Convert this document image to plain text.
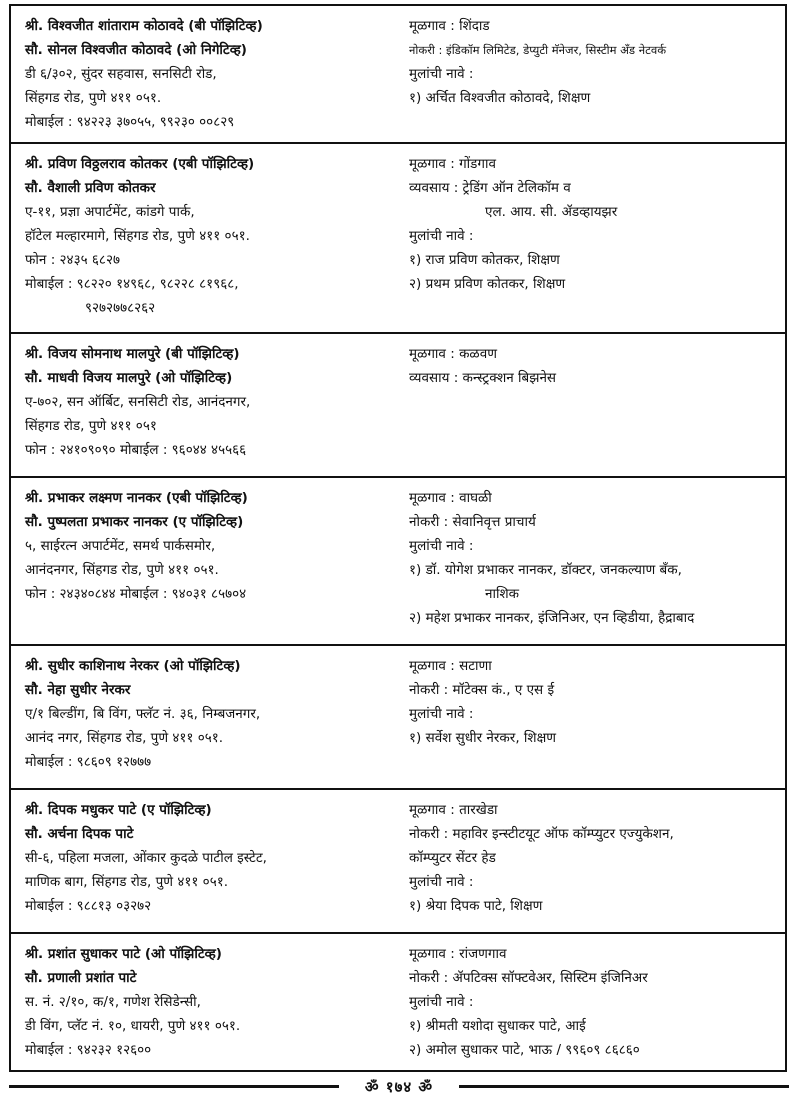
श्री. विश्वजीत शांताराम कोठावदे (बी पॉझिटिव्ह)
सौ. सोनल विश्वजीत कोठावदे (ओ निगेटिव्ह)
डी ६/३०२, सुंदर सहवास, सनसिटी रोड,
सिंहगड रोड, पुणे ४११ ०५१.
मोबाईल : ९४२२३ ३७०५५, ९९२३० ००८२९
मूळगाव : शिंदाड
नोकरी : इंडिकॉम लिमिटेड, डेप्युटी मॅनेजर, सिस्टीम ॲंड नेटवर्क
मुलांची नावे :
१) अर्चित विश्वजीत कोठावदे, शिक्षण
श्री. प्रविण विठ्ठलराव कोतकर (एबी पॉझिटिव्ह)
सौ. वैशाली प्रविण कोतकर
ए-११, प्रज्ञा अपार्टमेंट, कांडगे पार्क,
हॉटेल मल्हारमागे, सिंहगड रोड, पुणे ४११ ०५१.
फोन : २४३५ ६८२७
मोबाईल : ९८२२० १४९६८, ९८२२८ ८१९६८,
९२७२७७८२६२
मूळगाव : गोंडगाव
व्यवसाय : ट्रेडिंग ऑन टेलिकॉम व
एल. आय. सी. ॲडव्हायझर
मुलांची नावे :
१) राज प्रविण कोतकर, शिक्षण
२) प्रथम प्रविण कोतकर, शिक्षण
श्री. विजय सोमनाथ मालपुरे (बी पॉझिटिव्ह)
सौ. माधवी विजय मालपुरे (ओ पॉझिटिव्ह)
ए-७०२, सन ऑर्बिट, सनसिटी रोड, आनंदनगर,
सिंहगड रोड, पुणे ४११ ०५१
फोन : २४१०९०९० मोबाईल : ९६०४४ ४५५६६
मूळगाव : कळवण
व्यवसाय : कन्स्ट्रक्शन बिझनेस
श्री. प्रभाकर लक्ष्मण नानकर (एबी पॉझिटिव्ह)
सौ. पुष्पलता प्रभाकर नानकर (ए पॉझिटिव्ह)
५, साईरत्न अपार्टमेंट, समर्थ पार्कसमोर,
आनंदनगर, सिंहगड रोड, पुणे ४११ ०५१.
फोन : २४३४०८४४ मोबाईल : ९४०३१ ८५७०४
मूळगाव : वाघळी
नोकरी : सेवानिवृत्त प्राचार्य
मुलांची नावे :
१) डॉ. योगेश प्रभाकर नानकर, डॉक्टर, जनकल्याण बँक,
नाशिक
२) महेश प्रभाकर नानकर, इंजिनिअर, एन व्हिडीया, हैद्राबाद
श्री. सुधीर काशिनाथ नेरकर (ओ पॉझिटिव्ह)
सौ. नेहा सुधीर नेरकर
ए/१ बिल्डींग, बि विंग, फ्लॅट नं. ३६, निम्बजनगर,
आनंद नगर, सिंहगड रोड, पुणे ४११ ०५१.
मोबाईल : ९८६०९ १२७७७
मूळगाव : सटाणा
नोकरी : मॉटेक्स कं., ए एस ई
मुलांची नावे :
१) सर्वेश सुधीर नेरकर, शिक्षण
श्री. दिपक मधुकर पाटे (ए पॉझिटिव्ह)
सौ. अर्चना दिपक पाटे
सी-६, पहिला मजला, ओंकार कुदळे पाटील इस्टेट,
माणिक बाग, सिंहगड रोड, पुणे ४११ ०५१.
मोबाईल : ९८८१३ ०३२७२
मूळगाव : तारखेडा
नोकरी : महाविर इन्स्टीटयूट ऑफ कॉम्प्युटर एज्युकेशन,
कॉम्प्युटर सेंटर हेड
मुलांची नावे :
१) श्रेया दिपक पाटे, शिक्षण
श्री. प्रशांत सुधाकर पाटे (ओ पॉझिटिव्ह)
सौ. प्रणाली प्रशांत पाटे
स. नं. २/१०, क/१, गणेश रेसिडेन्सी,
डी विंग, प्लॅट नं. १०, धायरी, पुणे ४११ ०५१.
मोबाईल : ९४२३२ १२६००
मूळगाव : रांजणगाव
नोकरी : ॲपटिक्स सॉफ्टवेअर, सिस्टिम इंजिनिअर
मुलांची नावे :
१) श्रीमती यशोदा सुधाकर पाटे, आई
२) अमोल सुधाकर पाटे, भाऊ / ९९६०९ ८६८६०
ॐ १७४ ॐ
